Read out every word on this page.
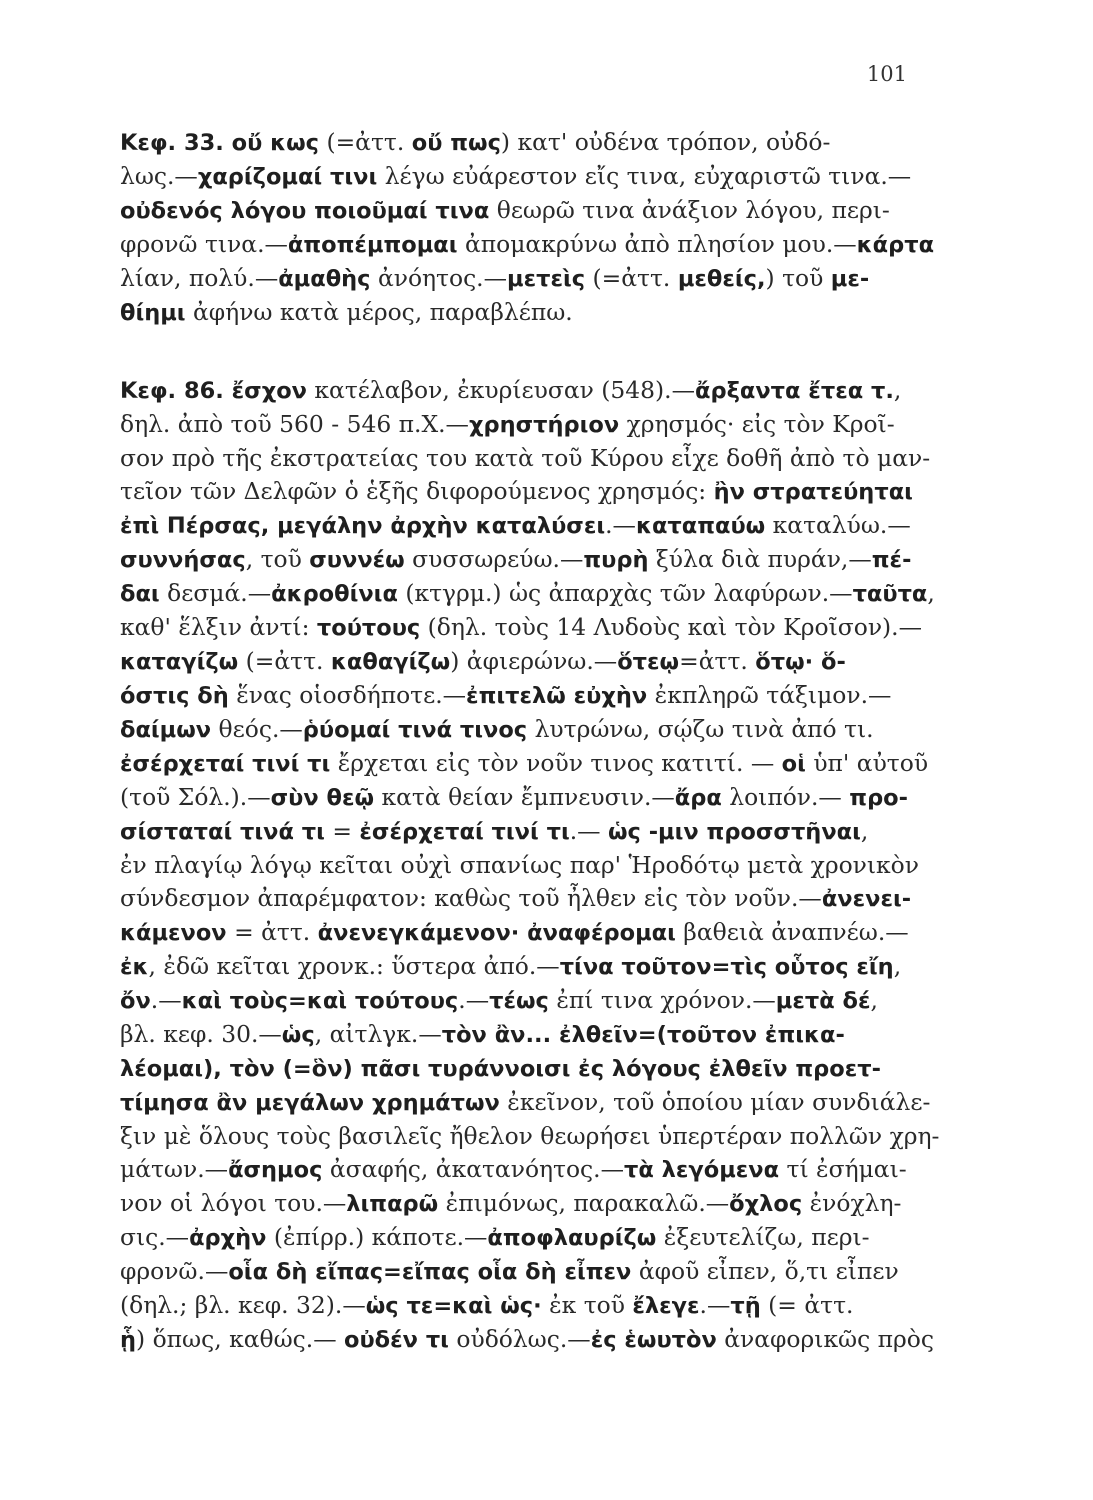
101
Κεφ. 33. οὔ κως (=ἀττ. οὔ πως) κατ' οὐδένα τρόπον, οὐδό-
λως.—χαρίζομαί τινι λέγω εὐάρεστον εἴς τινα, εὐχαριστῶ τινα.—
οὐδενός λόγου ποιοῦμαί τινα θεωρῶ τινα ἀνάξιον λόγου, περι-
φρονῶ τινα.—ἀποπέμπομαι ἀπομακρύνω ἀπὸ πλησίον μου.—κάρτα
λίαν, πολύ.—ἀμαθὴς ἀνόητος.—μετεὶς (=ἀττ. μεθείς,) τοῦ με-
θίημι ἀφήνω κατὰ μέρος, παραβλέπω.
Κεφ. 86. ἔσχον κατέλαβον, ἐκυρίευσαν (548).—ἄρξαντα ἔτεα τ.,
δηλ. ἀπὸ τοῦ 560 - 546 π.Χ.—χρηστήριον χρησμός· εἰς τὸν Κροῖ-
σον πρὸ τῆς ἐκστρατείας του κατὰ τοῦ Κύρου εἶχε δοθῆ ἀπὸ τὸ μαν-
τεῖον τῶν Δελφῶν ὁ ἑξῆς διφορούμενος χρησμός: ἢν στρατεύηται
ἐπὶ Πέρσας, μεγάλην ἀρχὴν καταλύσει.—καταπαύω καταλύω.—
συννήσας, τοῦ συννέω συσσωρεύω.—πυρὴ ξύλα διὰ πυράν,—πέ-
δαι δεσμά.—ἀκροθίνια (κτγρμ.) ὡς ἀπαρχὰς τῶν λαφύρων.—ταῦτα,
καθ' ἕλξιν ἀντί: τούτους (δηλ. τοὺς 14 Λυδοὺς καὶ τὸν Κροῖσον).—
καταγίζω (=ἀττ. καθαγίζω) ἀφιερώνω.—ὅτεῳ=ἀττ. ὅτῳ· ὅ-
όστις δὴ ἕνας οἱοσδήποτε.—ἐπιτελῶ εὐχὴν ἐκπληρῶ τάξιμον.—
δαίμων θεός.—ῥύομαί τινά τινος λυτρώνω, σῴζω τινὰ ἀπό τι.
ἐσέρχεταί τινί τι ἔρχεται εἰς τὸν νοῦν τινος κατιτί. — οἱ ὑπ' αὐτοῦ
(τοῦ Σόλ.).—σὺν θεῷ κατὰ θείαν ἔμπνευσιν.—ἄρα λοιπόν.— προ-
σίσταταί τινά τι = ἐσέρχεταί τινί τι.— ὡς -μιν προσστῆναι,
ἐν πλαγίῳ λόγῳ κεῖται οὐχὶ σπανίως παρ' Ἡροδότῳ μετὰ χρονικὸν
σύνδεσμον ἀπαρέμφατον: καθὼς τοῦ ἦλθεν εἰς τὸν νοῦν.—ἀνενει-
κάμενον = ἀττ. ἀνενεγκάμενον· ἀναφέρομαι βαθειὰ ἀναπνέω.—
ἐκ, ἐδῶ κεῖται χρονκ.: ὕστερα ἀπό.—τίνα τοῦτον=τὶς οὗτος εἴη,
ὄν.—καὶ τοὺς=καὶ τούτους.—τέως ἐπί τινα χρόνον.—μετὰ δέ,
βλ. κεφ. 30.—ὡς, αἰτλγκ.—τὸν ἂν... ἐλθεῖν=(τοῦτον ἐπικα-
λέομαι), τὸν (=ὃν) πᾶσι τυράννοισι ἐς λόγους ἐλθεῖν προετ-
τίμησα ἂν μεγάλων χρημάτων ἐκεῖνον, τοῦ ὁποίου μίαν συνδιάλε-
ξιν μὲ ὅλους τοὺς βασιλεῖς ἤθελον θεωρήσει ὑπερτέραν πολλῶν χρη-
μάτων.—ἄσημος ἀσαφής, ἀκατανόητος.—τὰ λεγόμενα τί ἐσήμαι-
νον οἱ λόγοι του.—λιπαρῶ ἐπιμόνως, παρακαλῶ.—ὄχλος ἐνόχλη-
σις.—ἀρχὴν (ἐπίρρ.) κάποτε.—ἀποφλαυρίζω ἐξευτελίζω, περι-
φρονῶ.—οἷα δὴ εἴπας=εἴπας οἷα δὴ εἶπεν ἀφοῦ εἶπεν, ὅ,τι εἶπεν
(δηλ.; βλ. κεφ. 32).—ὡς τε=καὶ ὡς· ἐκ τοῦ ἔλεγε.—τῇ (= ἀττ.
ᾗ) ὅπως, καθώς.— οὐδέν τι οὐδόλως.—ἐς ἑωυτὸν ἀναφορικῶς πρὸς
